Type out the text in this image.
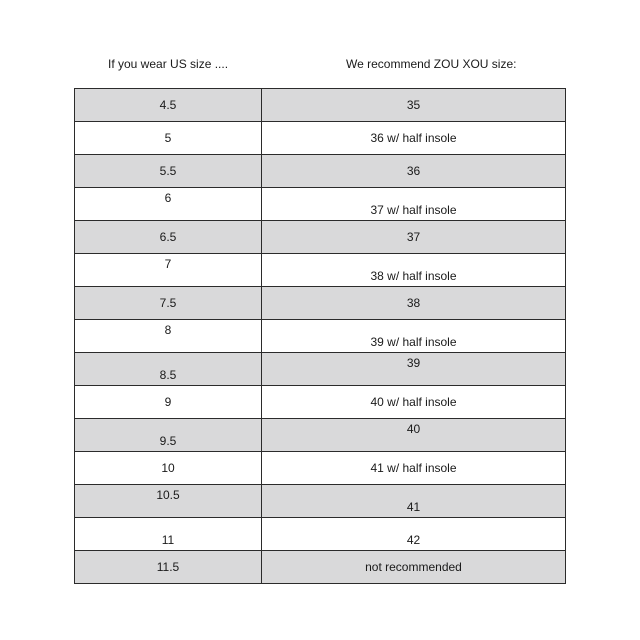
If you wear US size ....	We recommend ZOU XOU size:
4.5	35

5	36 w/ half insole

5.5	36

6	37 w/ half insole

6.5	37

7	38 w/ half insole

7.5	38

8	39 w/ half insole

8.5	39

9	40 w/ half insole

9.5	40

10	41 w/ half insole

10.5	41

11	42

11.5	not recommended
